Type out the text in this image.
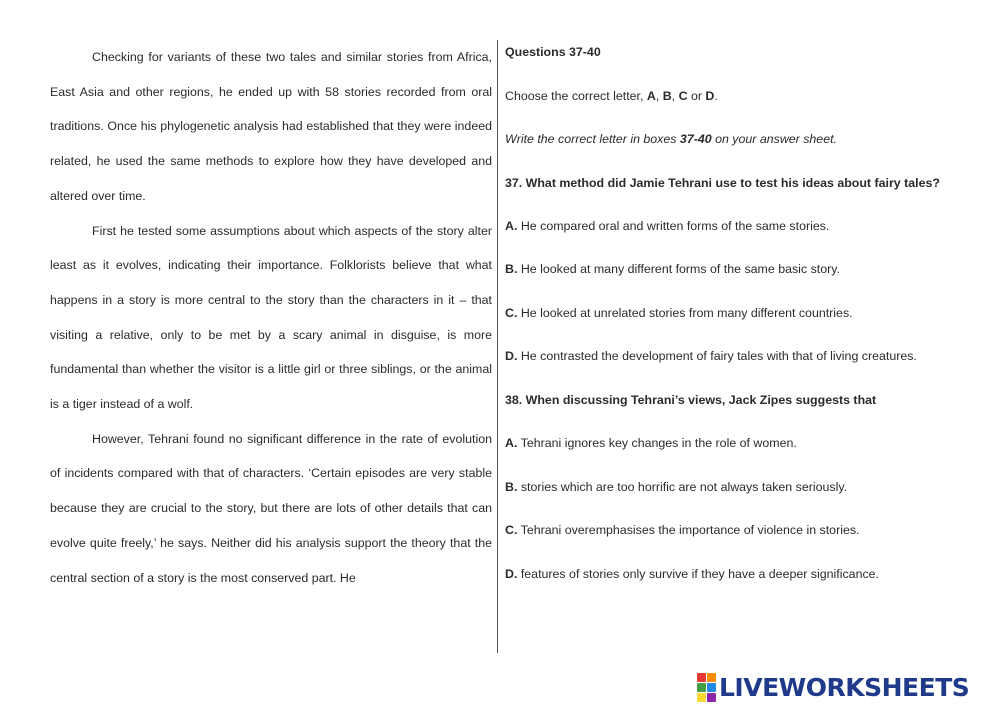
Checking for variants of these two tales and similar stories from Africa, East Asia and other regions, he ended up with 58 stories recorded from oral traditions. Once his phylogenetic analysis had established that they were indeed related, he used the same methods to explore how they have developed and altered over time.

First he tested some assumptions about which aspects of the story alter least as it evolves, indicating their importance. Folklorists believe that what happens in a story is more central to the story than the characters in it – that visiting a relative, only to be met by a scary animal in disguise, is more fundamental than whether the visitor is a little girl or three siblings, or the animal is a tiger instead of a wolf.

However, Tehrani found no significant difference in the rate of evolution of incidents compared with that of characters. ‘Certain episodes are very stable because they are crucial to the story, but there are lots of other details that can evolve quite freely,’ he says. Neither did his analysis support the theory that the central section of a story is the most conserved part. He

Questions 37-40
Choose the correct letter, A, B, C or D.
Write the correct letter in boxes 37-40 on your answer sheet.
37. What method did Jamie Tehrani use to test his ideas about fairy tales?
A. He compared oral and written forms of the same stories.
B. He looked at many different forms of the same basic story.
C. He looked at unrelated stories from many different countries.
D. He contrasted the development of fairy tales with that of living creatures.
38. When discussing Tehrani’s views, Jack Zipes suggests that
A. Tehrani ignores key changes in the role of women.
B. stories which are too horrific are not always taken seriously.
C. Tehrani overemphasises the importance of violence in stories.
D. features of stories only survive if they have a deeper significance.
LIVEWORKSHEETS
